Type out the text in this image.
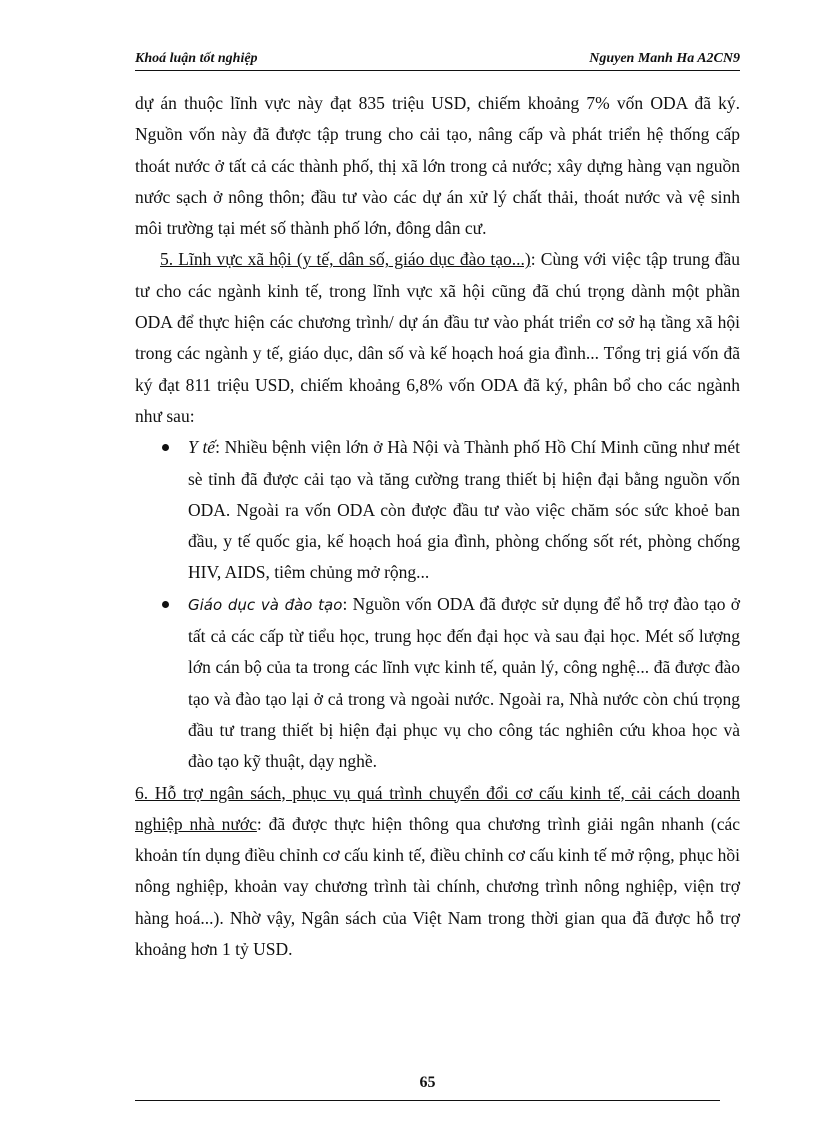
Khoá luận tốt nghiệp	Nguyen Manh Ha A2CN9

dự án thuộc lĩnh vực này đạt 835 triệu USD, chiếm khoảng 7% vốn ODA đã ký. Nguồn vốn này đã được tập trung cho cải tạo, nâng cấp và phát triển hệ thống cấp thoát nước ở tất cả các thành phố, thị xã lớn trong cả nước; xây dựng hàng vạn nguồn nước sạch ở nông thôn; đầu tư vào các dự án xử lý chất thải, thoát nước và vệ sinh môi trường tại mét số thành phố lớn, đông dân cư.

5. Lĩnh vực xã hội (y tế, dân số, giáo dục đào tạo...): Cùng với việc tập trung đầu tư cho các ngành kinh tế, trong lĩnh vực xã hội cũng đã chú trọng dành một phần ODA để thực hiện các chương trình/ dự án đầu tư vào phát triển cơ sở hạ tầng xã hội trong các ngành y tế, giáo dục, dân số và kế hoạch hoá gia đình... Tổng trị giá vốn đã ký đạt 811 triệu USD, chiếm khoảng 6,8% vốn ODA đã ký, phân bổ cho các ngành như sau:

Y tế: Nhiều bệnh viện lớn ở Hà Nội và Thành phố Hồ Chí Minh cũng như mét sè tỉnh đã được cải tạo và tăng cường trang thiết bị hiện đại bằng nguồn vốn ODA. Ngoài ra vốn ODA còn được đầu tư vào việc chăm sóc sức khoẻ ban đầu, y tế quốc gia, kế hoạch hoá gia đình, phòng chống sốt rét, phòng chống HIV, AIDS, tiêm chủng mở rộng...
Giáo dục và đào tạo: Nguồn vốn ODA đã được sử dụng để hỗ trợ đào tạo ở tất cả các cấp từ tiểu học, trung học đến đại học và sau đại học. Mét số lượng lớn cán bộ của ta trong các lĩnh vực kinh tế, quản lý, công nghệ... đã được đào tạo và đào tạo lại ở cả trong và ngoài nước. Ngoài ra, Nhà nước còn chú trọng đầu tư trang thiết bị hiện đại phục vụ cho công tác nghiên cứu khoa học và đào tạo kỹ thuật, dạy nghề.

6. Hỗ trợ ngân sách, phục vụ quá trình chuyển đổi cơ cấu kinh tế, cải cách doanh nghiệp nhà nước: đã được thực hiện thông qua chương trình giải ngân nhanh (các khoản tín dụng điều chỉnh cơ cấu kinh tế, điều chỉnh cơ cấu kinh tế mở rộng, phục hồi nông nghiệp, khoản vay chương trình tài chính, chương trình nông nghiệp, viện trợ hàng hoá...). Nhờ vậy, Ngân sách của Việt Nam trong thời gian qua đã được hỗ trợ khoảng hơn 1 tỷ USD.

65
